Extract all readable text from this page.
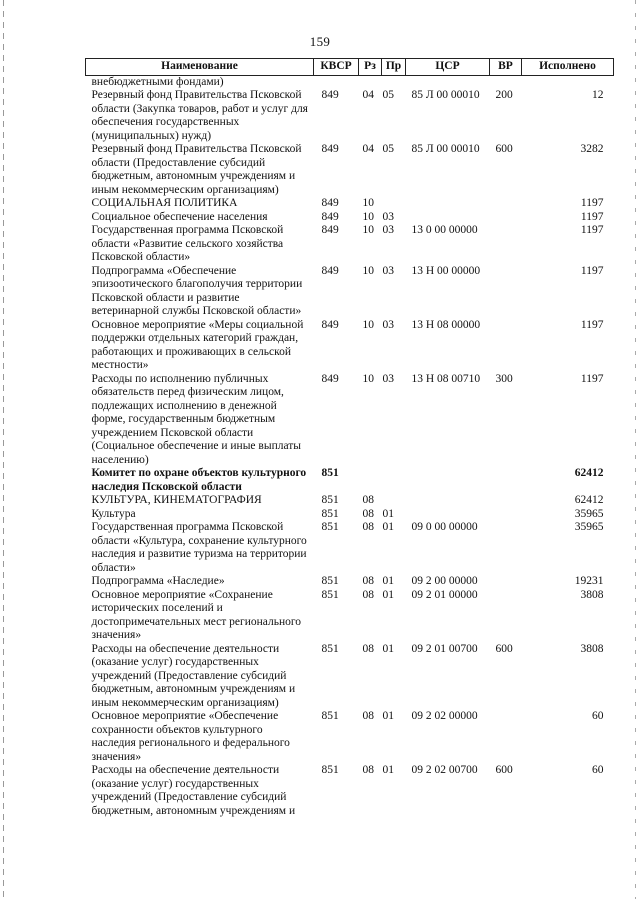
159
Наименование	КВСР	Рз	Пр	ЦСР	ВР	Исполнено
внебюджетными фондами)						
Резервный фонд Правительства Псковской области (Закупка товаров, работ и услуг для обеспечения государственных (муниципальных) нужд)	849	04	05	85 Л 00 00010	200	12
Резервный фонд Правительства Псковской области (Предоставление субсидий бюджетным, автономным учреждениям и иным некоммерческим организациям)	849	04	05	85 Л 00 00010	600	3282
СОЦИАЛЬНАЯ ПОЛИТИКА	849	10				1197
Социальное обеспечение населения	849	10	03			1197
Государственная программа Псковской области «Развитие сельского хозяйства Псковской области»	849	10	03	13 0 00 00000		1197
Подпрограмма «Обеспечение эпизоотического благополучия территории Псковской области и развитие ветеринарной службы Псковской области»	849	10	03	13 Н 00 00000		1197
Основное мероприятие «Меры социальной поддержки отдельных категорий граждан, работающих и проживающих в сельской местности»	849	10	03	13 Н 08 00000		1197
Расходы по исполнению публичных обязательств перед физическим лицом, подлежащих исполнению в денежной форме, государственным бюджетным учреждением Псковской области (Социальное обеспечение и иные выплаты населению)	849	10	03	13 Н 08 00710	300	1197
Комитет по охране объектов культурного наследия Псковской области	851					62412
КУЛЬТУРА, КИНЕМАТОГРАФИЯ	851	08				62412
Культура	851	08	01			35965
Государственная программа Псковской области «Культура, сохранение культурного наследия и развитие туризма на территории области»	851	08	01	09 0 00 00000		35965
Подпрограмма «Наследие»	851	08	01	09 2 00 00000		19231
Основное мероприятие «Сохранение исторических поселений и достопримечательных мест регионального значения»	851	08	01	09 2 01 00000		3808
Расходы на обеспечение деятельности (оказание услуг) государственных учреждений (Предоставление субсидий бюджетным, автономным учреждениям и иным некоммерческим организациям)	851	08	01	09 2 01 00700	600	3808
Основное мероприятие «Обеспечение сохранности объектов культурного наследия регионального и федерального значения»	851	08	01	09 2 02 00000		60
Расходы на обеспечение деятельности (оказание услуг) государственных учреждений (Предоставление субсидий бюджетным, автономным учреждениям и	851	08	01	09 2 02 00700	600	60
